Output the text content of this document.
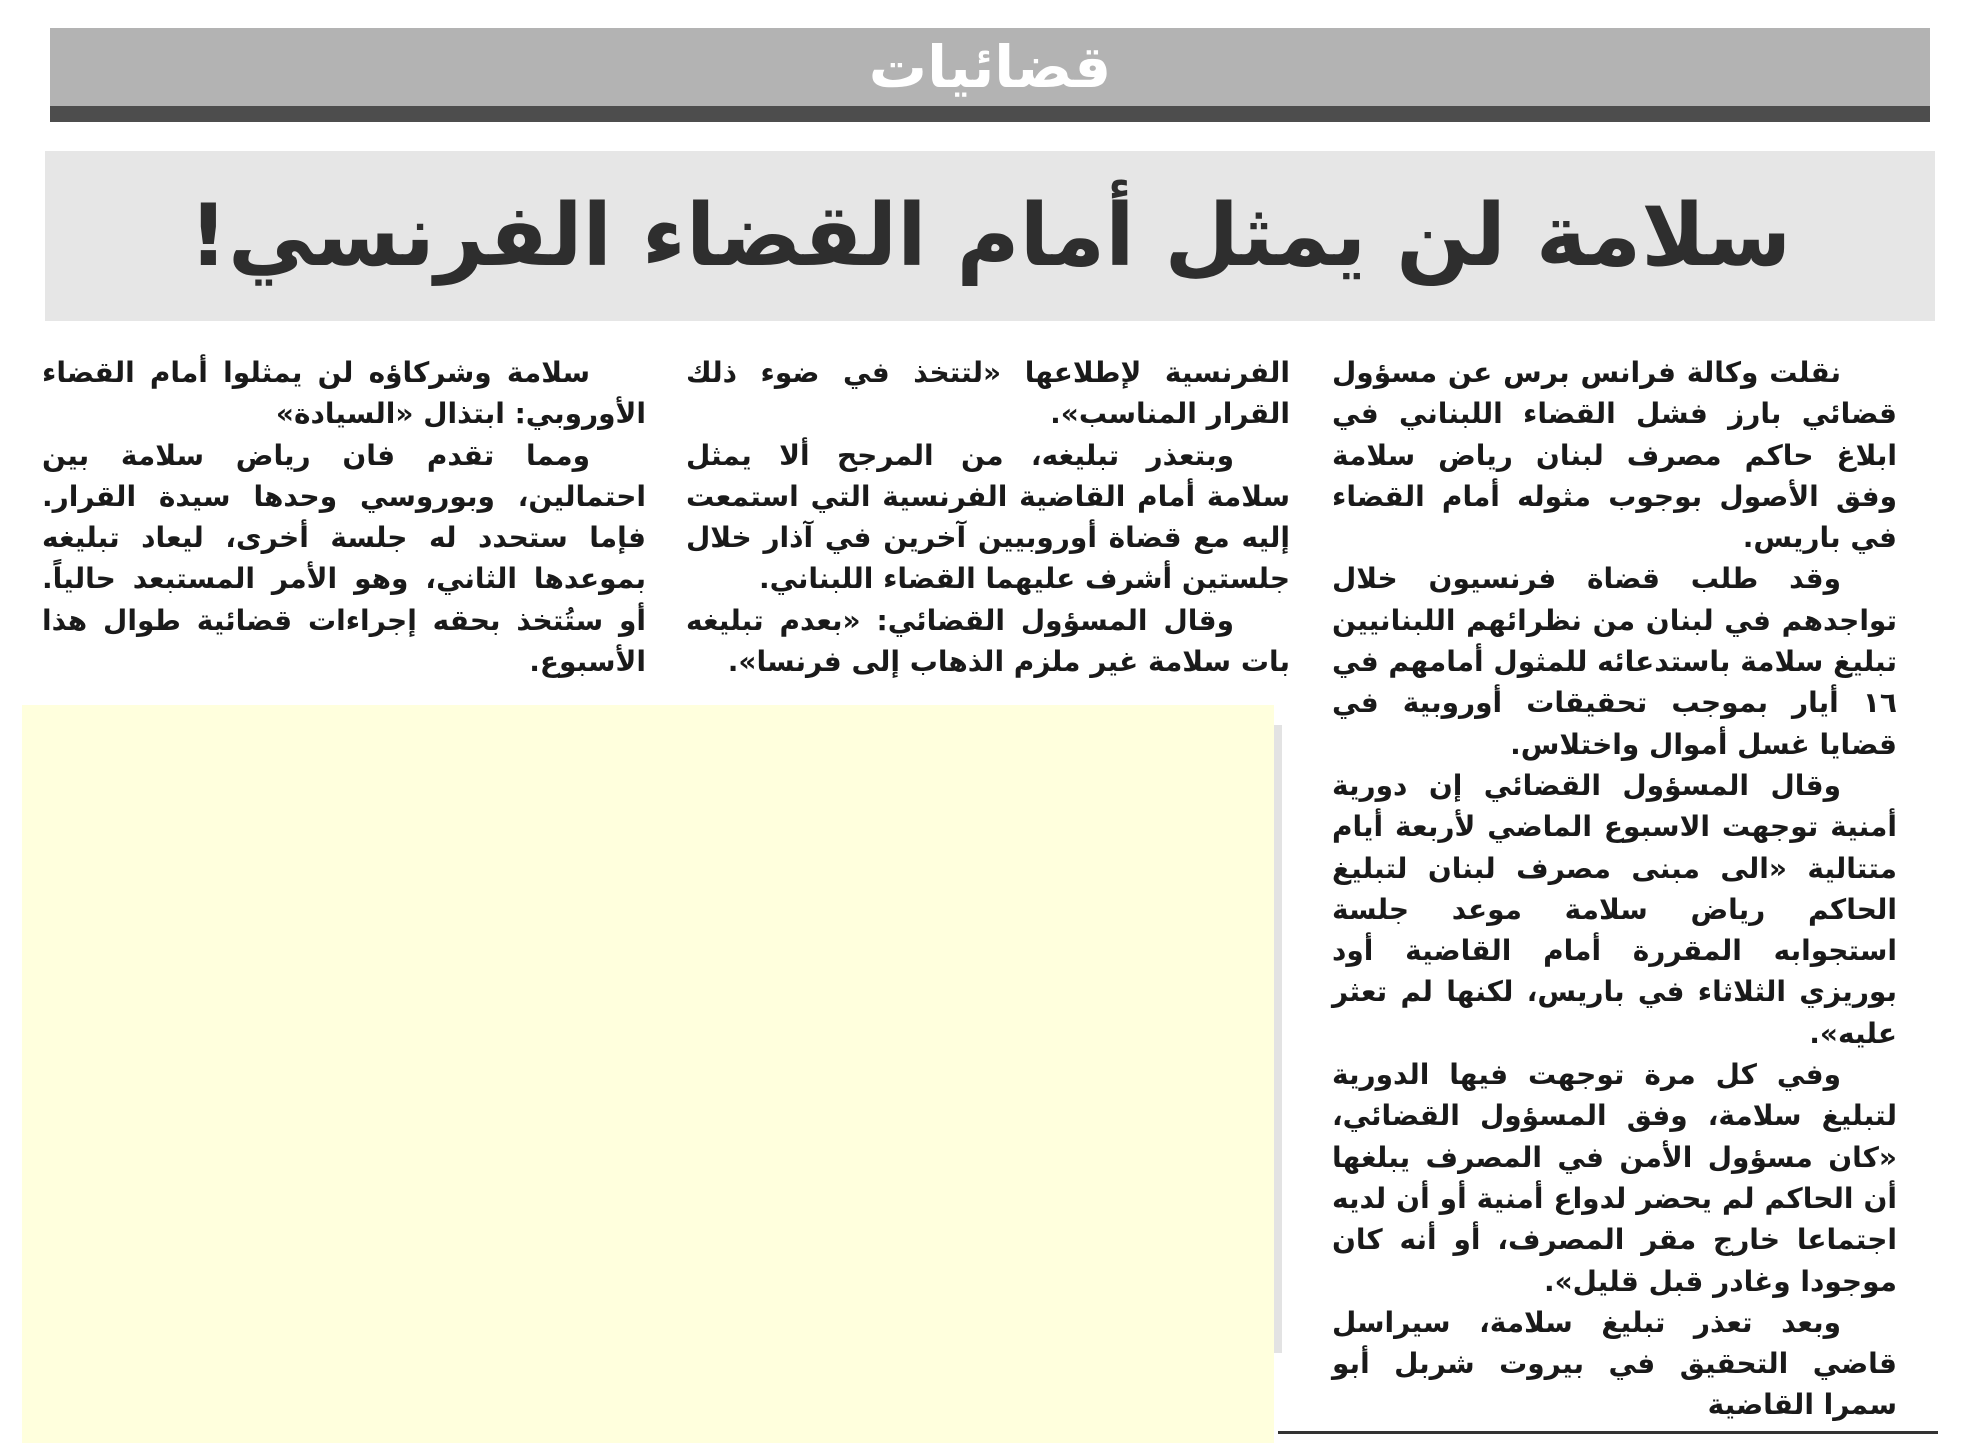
قضائيات
سلامة لن يمثل أمام القضاء الفرنسي!

نقلت وكالة فرانس برس عن مسؤول قضائي بارز فشل القضاء اللبناني في ابلاغ حاكم مصرف لبنان رياض سلامة وفق الأصول بوجوب مثوله أمام القضاء في باريس.

وقد طلب قضاة فرنسيون خلال تواجدهم في لبنان من نظرائهم اللبنانيين تبليغ سلامة باستدعائه للمثول أمامهم في ١٦ أيار بموجب تحقيقات أوروبية في قضايا غسل أموال واختلاس.

وقال المسؤول القضائي إن دورية أمنية توجهت الاسبوع الماضي لأربعة أيام متتالية «الى مبنى مصرف لبنان لتبليغ الحاكم رياض سلامة موعد جلسة استجوابه المقررة أمام القاضية أود بوريزي الثلاثاء في باريس، لكنها لم تعثر عليه».

وفي كل مرة توجهت فيها الدورية لتبليغ سلامة، وفق المسؤول القضائي، «كان مسؤول الأمن في المصرف يبلغها أن الحاكم لم يحضر لدواع أمنية أو أن لديه اجتماعا خارج مقر المصرف، أو أنه كان موجودا وغادر قبل قليل».

وبعد تعذر تبليغ سلامة، سيراسل قاضي التحقيق في بيروت شربل أبو سمرا القاضية

الفرنسية لإطلاعها «لتتخذ في ضوء ذلك القرار المناسب».

وبتعذر تبليغه، من المرجح ألا يمثل سلامة أمام القاضية الفرنسية التي استمعت إليه مع قضاة أوروبيين آخرين في آذار خلال جلستين أشرف عليهما القضاء اللبناني.

وقال المسؤول القضائي: «بعدم تبليغه بات سلامة غير ملزم الذهاب إلى فرنسا».

سلامة وشركاؤه لن يمثلوا أمام القضاء الأوروبي: ابتذال «السيادة»

ومما تقدم فان رياض سلامة بين احتمالين، وبوروسي وحدها سيدة القرار. فإما ستحدد له جلسة أخرى، ليعاد تبليغه بموعدها الثاني، وهو الأمر المستبعد حالياً. أو ستُتخذ بحقه إجراءات قضائية طوال هذا الأسبوع.
